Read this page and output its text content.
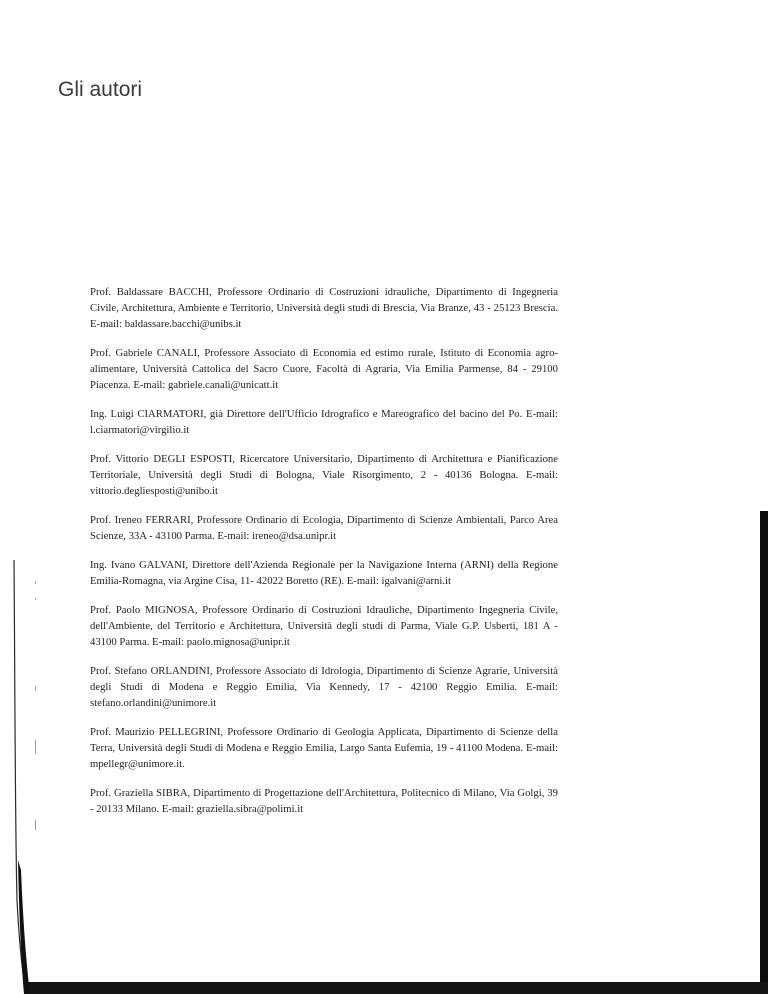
Gli autori
Prof. Baldassare BACCHI, Professore Ordinario di Costruzioni idrauliche, Dipartimento di Ingegneria Civile, Architettura, Ambiente e Territorio, Università degli studi di Brescia, Via Branze, 43 - 25123 Brescia. E-mail: baldassare.bacchi@unibs.it
Prof. Gabriele CANALI, Professore Associato di Economia ed estimo rurale, Istituto di Economia agro-alimentare, Università Cattolica del Sacro Cuore, Facoltà di Agraria, Via Emilia Parmense, 84 - 29100 Piacenza. E-mail: gabriele.canali@unicatt.it
Ing. Luigi CIARMATORI, già Direttore dell'Ufficio Idrografico e Mareografico del bacino del Po. E-mail: l.ciarmatori@virgilio.it
Prof. Vittorio DEGLI ESPOSTI, Ricercatore Universitario, Dipartimento di Architettura e Pianificazione Territoriale, Università degli Studi di Bologna, Viale Risorgimento, 2 - 40136 Bologna. E-mail: vittorio.degliesposti@unibo.it
Prof. Ireneo FERRARI, Professore Ordinario di Ecologia, Dipartimento di Scienze Ambientali, Parco Area Scienze, 33A - 43100 Parma. E-mail: ireneo@dsa.unipr.it
Ing. Ivano GALVANI, Direttore dell'Azienda Regionale per la Navigazione Interna (ARNI) della Regione Emilia-Romagna, via Argine Cisa, 11- 42022 Boretto (RE). E-mail: igalvani@arni.it
Prof. Paolo MIGNOSA, Professore Ordinario di Costruzioni Idrauliche, Dipartimento Ingegneria Civile, dell'Ambiente, del Territorio e Architettura, Università degli studi di Parma, Viale G.P. Usberti, 181 A - 43100 Parma. E-mail: paolo.mignosa@unipr.it
Prof. Stefano ORLANDINI, Professore Associato di Idrologia, Dipartimento di Scienze Agrarie, Università degli Studi di Modena e Reggio Emilia, Via Kennedy, 17 - 42100 Reggio Emilia. E-mail: stefano.orlandini@unimore.it
Prof. Maurizio PELLEGRINI, Professore Ordinario di Geologia Applicata, Dipartimento di Scienze della Terra, Università degli Studi di Modena e Reggio Emilia, Largo Santa Eufemia, 19 - 41100 Modena. E-mail: mpellegr@unimore.it.
Prof. Graziella SIBRA, Dipartimento di Progettazione dell'Architettura, Politecnico di Milano, Via Golgi, 39 - 20133 Milano. E-mail: graziella.sibra@polimi.it
